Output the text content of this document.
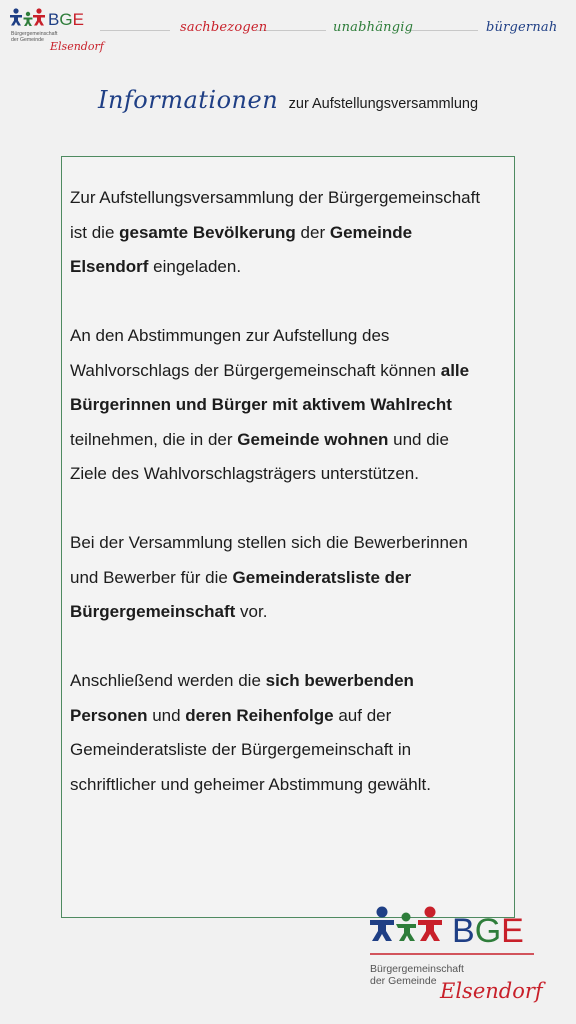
BGE
Bürgergemeinschaft
der Gemeinde Elsendorf
sachbezogen	unabhängig	bürgernah
Informationen zur Aufstellungsversammlung

Zur Aufstellungsversammlung der Bürgergemeinschaft ist die gesamte Bevölkerung der Gemeinde Elsendorf eingeladen.

An den Abstimmungen zur Aufstellung des Wahlvorschlags der Bürgergemeinschaft können alle Bürgerinnen und Bürger mit aktivem Wahlrecht teilnehmen, die in der Gemeinde wohnen und die Ziele des Wahlvorschlagsträgers unterstützen.

Bei der Versammlung stellen sich die Bewerberinnen und Bewerber für die Gemeinderatsliste der Bürgergemeinschaft vor.

Anschließend werden die sich bewerbenden Personen und deren Reihenfolge auf der Gemeinderatsliste der Bürgergemeinschaft in schriftlicher und geheimer Abstimmung gewählt.

BGE
Bürgergemeinschaft
der Gemeinde Elsendorf
